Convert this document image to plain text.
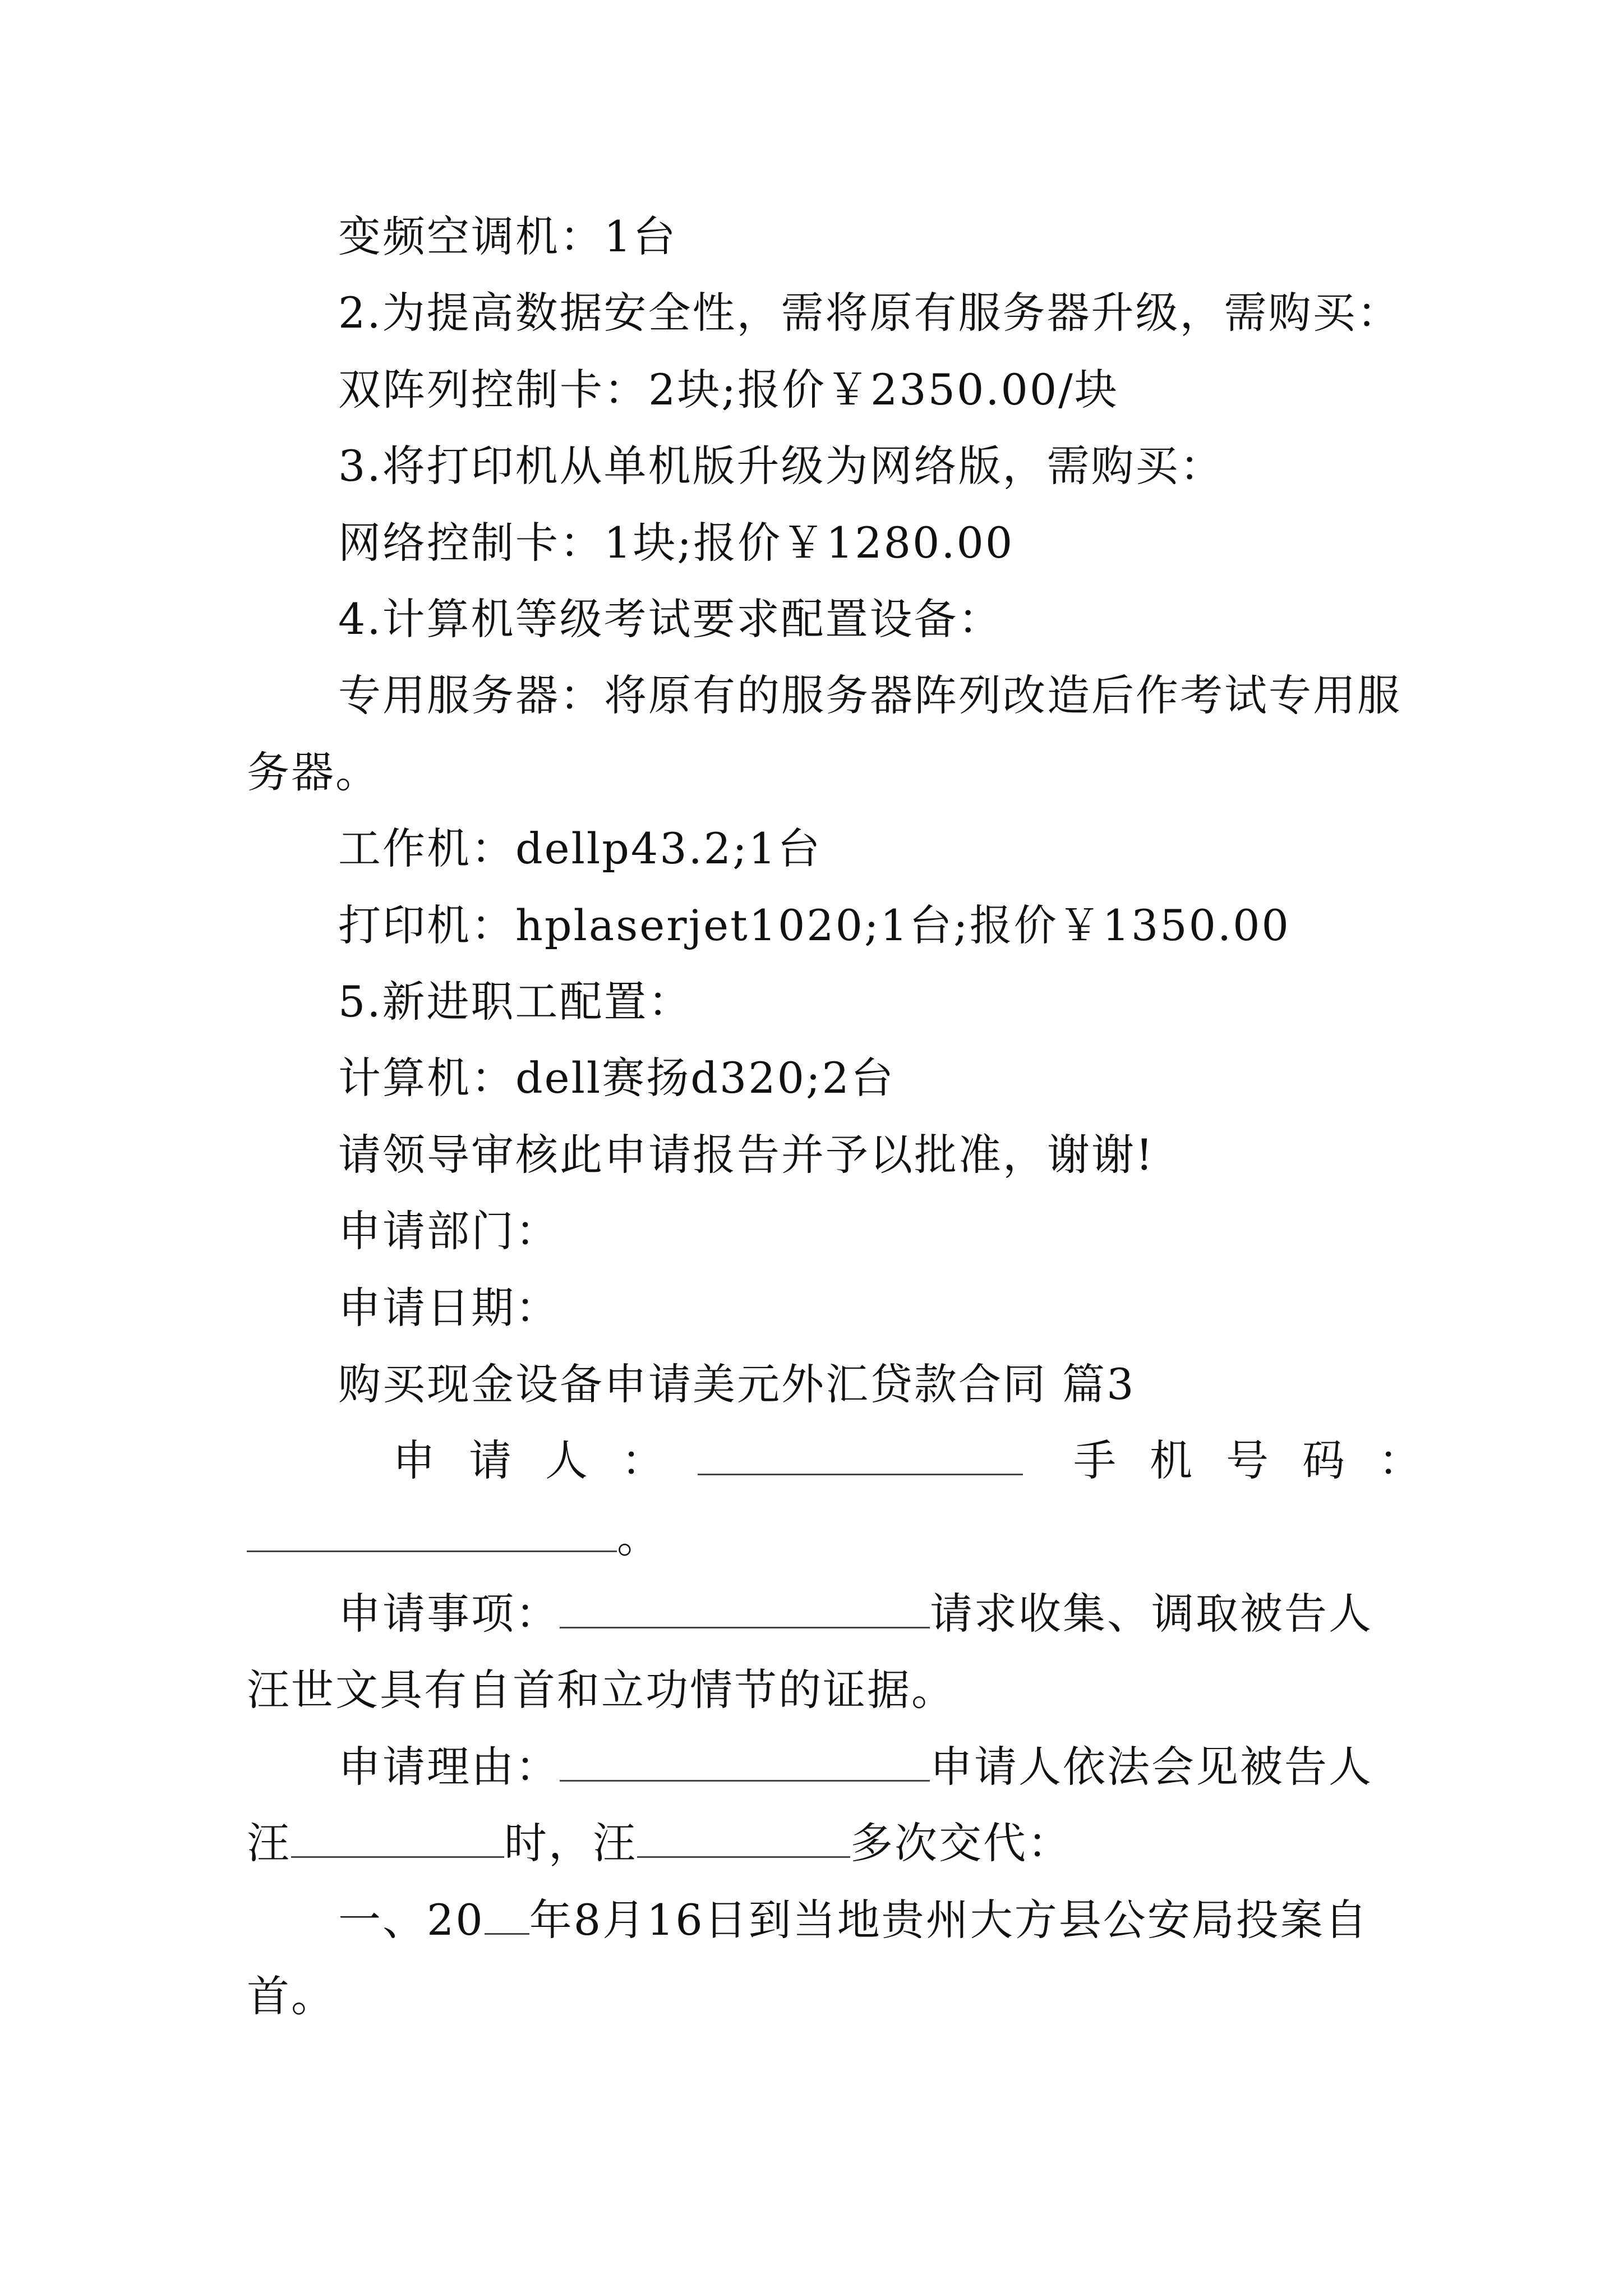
变频空调机：1台
2.为提高数据安全性，需将原有服务器升级，需购买：
双阵列控制卡：2块;报价￥2350.00/块
3.将打印机从单机版升级为网络版，需购买：
网络控制卡：1块;报价￥1280.00
4.计算机等级考试要求配置设备：
专用服务器：将原有的服务器阵列改造后作考试专用服
务器。
工作机：dellp43.2;1台
打印机：hplaserjet1020;1台;报价￥1350.00
5.新进职工配置：
计算机：dell赛扬d320;2台
请领导审核此申请报告并予以批准，谢谢!
申请部门：
申请日期：
购买现金设备申请美元外汇贷款合同 篇3
申请人：	手机号码：
。
申请事项：	请求收集、调取被告人
汪世文具有自首和立功情节的证据。
申请理由：	申请人依法会见被告人
汪	时，汪	多次交代：
一、20 年8月16日到当地贵州大方县公安局投案自
首。
